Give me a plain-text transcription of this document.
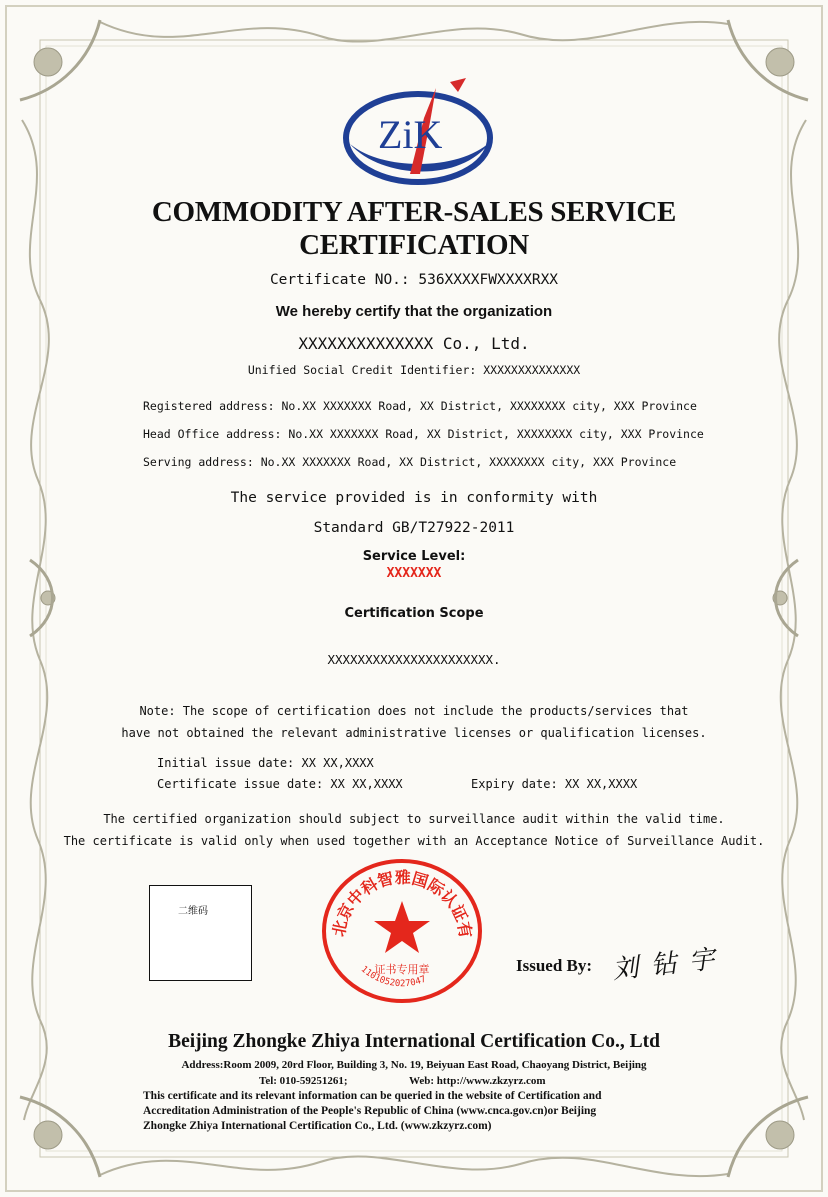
ZiK
COMMODITY AFTER-SALES SERVICE
CERTIFICATION
Certificate NO.: 536XXXXFWXXXXRXX
We hereby certify that the organization
XXXXXXXXXXXXXX Co., Ltd.
Unified Social Credit Identifier: XXXXXXXXXXXXXX
Registered address: No.XX XXXXXXX Road, XX District, XXXXXXXX city, XXX Province
Head Office address: No.XX XXXXXXX Road, XX District, XXXXXXXX city, XXX Province
Serving address: No.XX XXXXXXX Road, XX District, XXXXXXXX city, XXX Province
The service provided is in conformity with
Standard GB/T27922-2011
Service Level:
XXXXXXX
Certification Scope
XXXXXXXXXXXXXXXXXXXXXX.
Note: The scope of certification does not include the products/services that
have not obtained the relevant administrative licenses or qualification licenses.
Initial issue date: XX XX,XXXX
Certificate issue date: XX XX,XXXX	Expiry date: XX XX,XXXX
The certified organization should subject to surveillance audit within the valid time.
The certificate is valid only when used together with an Acceptance Notice of Surveillance Audit.
二维码
北京中科智雅国际认证有
证书专用章
1101052027047
Issued By: 刘 钻 宇
Beijing Zhongke Zhiya International Certification Co., Ltd
Address:Room 2009, 20rd Floor, Building 3, No. 19, Beiyuan East Road, Chaoyang District, Beijing
Tel: 010-59251261;	Web: http://www.zkzyrz.com
This certificate and its relevant information can be queried in the website of Certification and
Accreditation Administration of the People's Republic of China (www.cnca.gov.cn)or Beijing
Zhongke Zhiya International Certification Co., Ltd. (www.zkzyrz.com)
